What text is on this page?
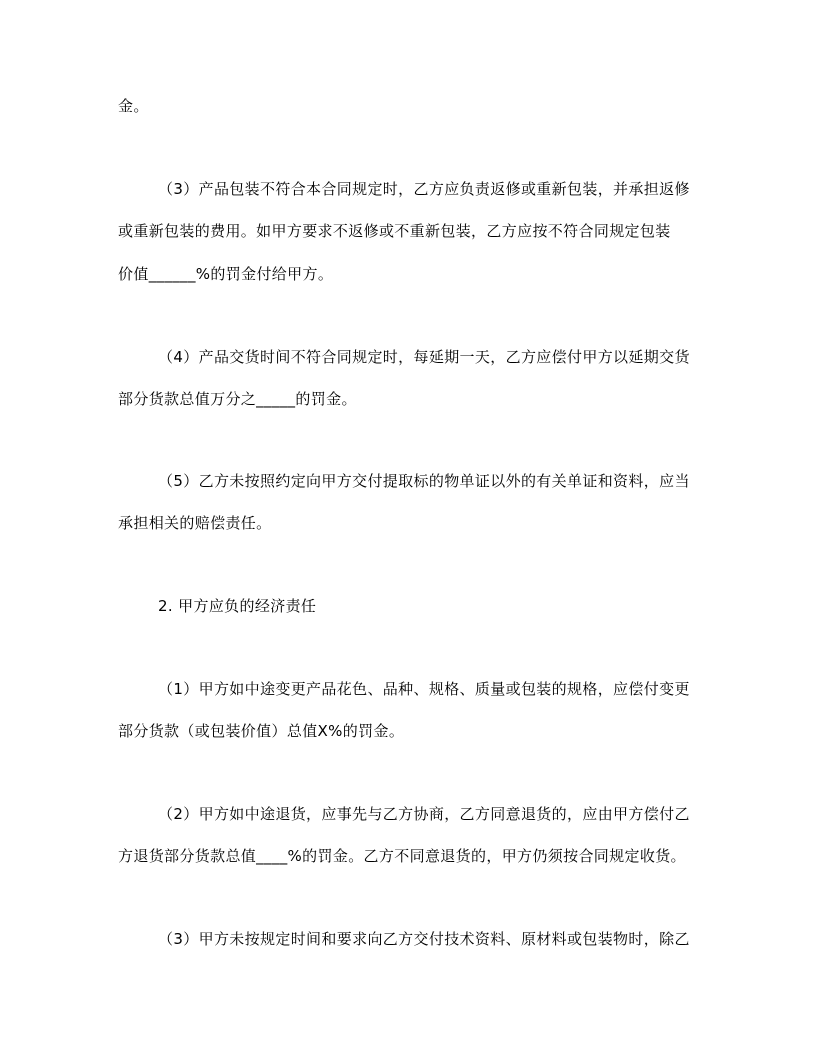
金。
（3）产品包装不符合本合同规定时，乙方应负责返修或重新包装，并承担返修
或重新包装的费用。如甲方要求不返修或不重新包装，乙方应按不符合同规定包装
价值______%的罚金付给甲方。
（4）产品交货时间不符合同规定时，每延期一天，乙方应偿付甲方以延期交货
部分货款总值万分之_____的罚金。
（5）乙方未按照约定向甲方交付提取标的物单证以外的有关单证和资料，应当
承担相关的赔偿责任。
2. 甲方应负的经济责任
（1）甲方如中途变更产品花色、品种、规格、质量或包装的规格，应偿付变更
部分货款（或包装价值）总值X%的罚金。
（2）甲方如中途退货，应事先与乙方协商，乙方同意退货的，应由甲方偿付乙
方退货部分货款总值____%的罚金。乙方不同意退货的，甲方仍须按合同规定收货。
（3）甲方未按规定时间和要求向乙方交付技术资料、原材料或包装物时，除乙
